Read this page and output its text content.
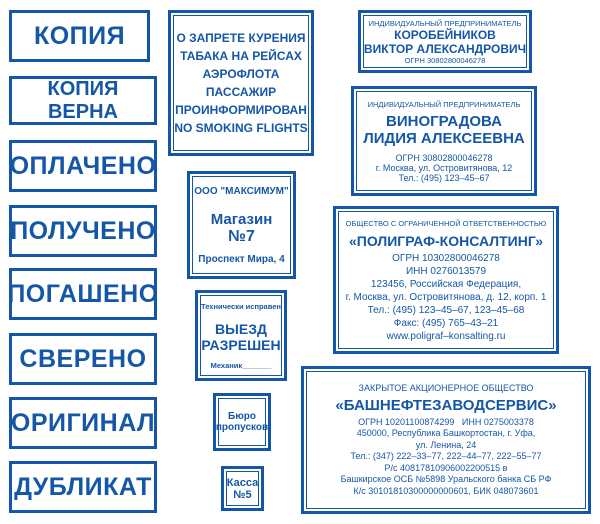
КОПИЯ
КОПИЯ ВЕРНА
ОПЛАЧЕНО
ПОЛУЧЕНО
ПОГАШЕНО
СВЕРЕНО
ОРИГИНАЛ
ДУБЛИКАТ
О ЗАПРЕТЕ КУРЕНИЯ
ТАБАКА НА РЕЙСАХ
АЭРОФЛОТА
ПАССАЖИР
ПРОИНФОРМИРОВАН
NO SMOKING FLIGHTS
ООО "МАКСИМУМ"
Магазин
№7
Проспект Мира, 4
Технически исправен
ВЫЕЗД
РАЗРЕШЕН
Механик_______
Бюро
пропусков
Касса
№5
ИНДИВИДУАЛЬНЫЙ ПРЕДПРИНИМАТЕЛЬ
КОРОБЕЙНИКОВ
ВИКТОР АЛЕКСАНДРОВИЧ
ОГРН 30802800046278
ИНДИВИДУАЛЬНЫЙ ПРЕДПРИНИМАТЕЛЬ
ВИНОГРАДОВА
ЛИДИЯ АЛЕКСЕЕВНА
ОГРН 30802800046278
г. Москва, ул. Островитянова, 12
Тел.: (495) 123–45–67
ОБЩЕСТВО С ОГРАНИЧЕННОЙ ОТВЕТСТВЕННОСТЬЮ
«ПОЛИГРАФ-КОНСАЛТИНГ»
ОГРН 10302800046278
ИНН 0276013579
123456, Российская Федерация,
г. Москва, ул. Островитянова, д. 12, корп. 1
Тел.: (495) 123–45–67, 123–45–68
Факс: (495) 765–43–21
www.poligraf–konsalting.ru
ЗАКРЫТОЕ АКЦИОНЕРНОЕ ОБЩЕСТВО
«БАШНЕФТЕЗАВОДСЕРВИС»
ОГРН 10201100874299   ИНН 0275003378
450000, Республика Башкортостан, г. Уфа,
ул. Ленина, 24
Тел.: (347) 222–33–77, 222–44–77, 222–55–77
Р/с 40817810906002200515 в
Башкирское ОСБ №5898 Уральского банка СБ РФ
К/с 30101810300000000601, БИК 048073601
